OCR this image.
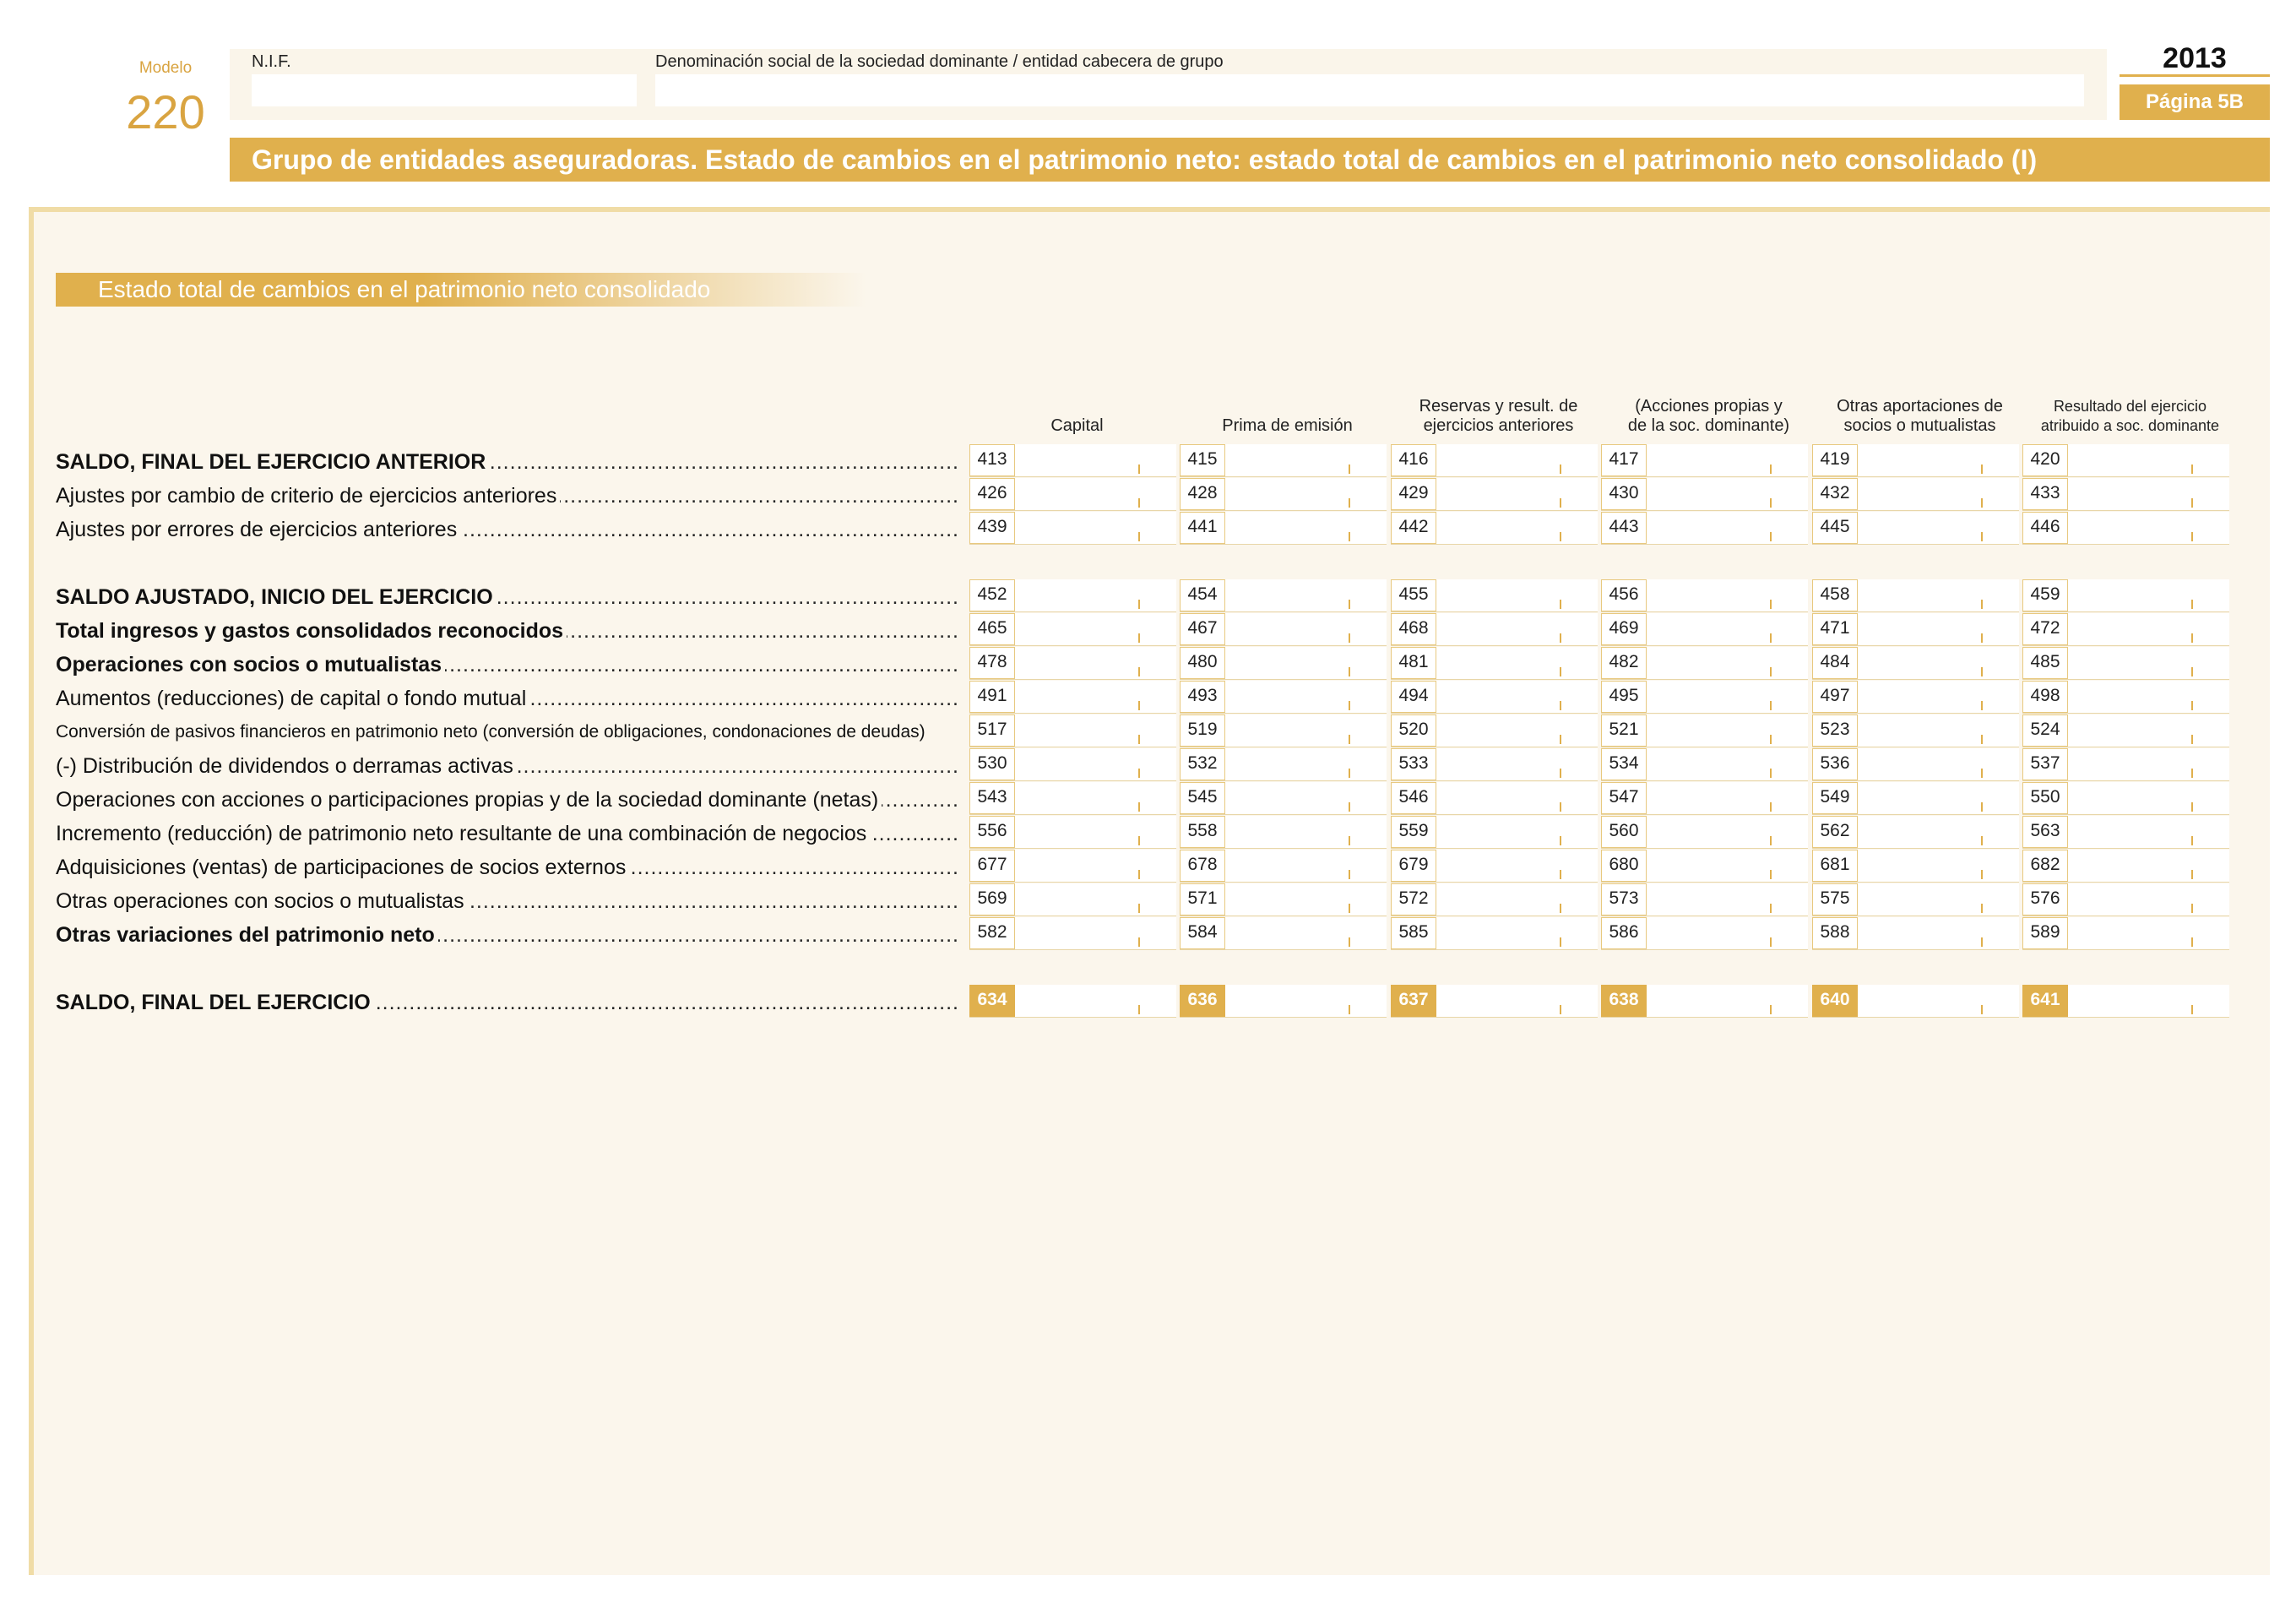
Modelo
220
N.I.F.	Denominación social de la sociedad dominante / entidad cabecera de grupo	2013
Página 5B
Grupo de entidades aseguradoras. Estado de cambios en el patrimonio neto: estado total de cambios en el patrimonio neto consolidado (I)
Estado total de cambios en el patrimonio neto consolidado
Capital	Prima de emisión
Reservas y result. de
ejercicios anteriores
(Acciones propias y
de la soc. dominante)
Otras aportaciones de
socios o mutualistas
Resultado del ejercicio
atribuido a soc. dominante
.....
SALDO, FINAL DEL EJERCICIO ANTERIOR	413	415	416	417	419	420
.....
Ajustes por cambio de criterio de ejercicios anteriores	426	428	429	430	432	433
.....
Ajustes por errores de ejercicios anteriores	439	441	442	443	445	446
.....
SALDO AJUSTADO, INICIO DEL EJERCICIO	452	454	455	456	458	459
.....
Total ingresos y gastos consolidados reconocidos	465	467	468	469	471	472
.....
Operaciones con socios o mutualistas	478	480	481	482	484	485
.....
Aumentos (reducciones) de capital o fondo mutual	491	493	494	495	497	498
Conversión de pasivos financieros en patrimonio neto (conversión de obligaciones, condonaciones de deudas)	517	519	520	521	523	524
.....
(-) Distribución de dividendos o derramas activas	530	532	533	534	536	537
.....
Operaciones con acciones o participaciones propias y de la sociedad dominante (netas)	543	545	546	547	549	550
.....
Incremento (reducción) de patrimonio neto resultante de una combinación de negocios	556	558	559	560	562	563
.....
Adquisiciones (ventas) de participaciones de socios externos	677	678	679	680	681	682
.....
Otras operaciones con socios o mutualistas	569	571	572	573	575	576
.....
Otras variaciones del patrimonio neto	582	584	585	586	588	589
.....
SALDO, FINAL DEL EJERCICIO	634	636	637	638	640	641
